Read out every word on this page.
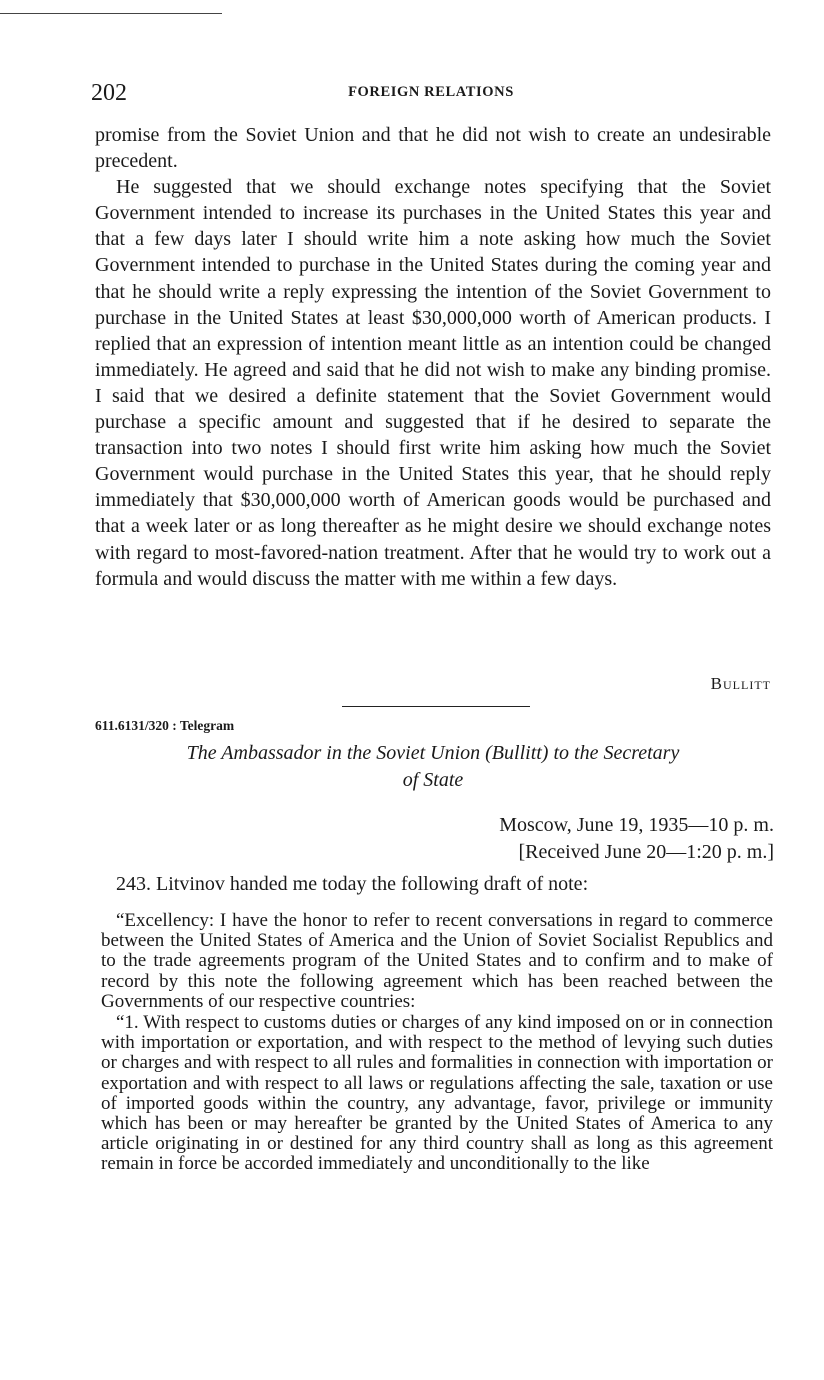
202	FOREIGN RELATIONS

promise from the Soviet Union and that he did not wish to create an undesirable precedent.

He suggested that we should exchange notes specifying that the Soviet Government intended to increase its purchases in the United States this year and that a few days later I should write him a note asking how much the Soviet Government intended to purchase in the United States during the coming year and that he should write a reply expressing the intention of the Soviet Government to purchase in the United States at least $30,000,000 worth of American products. I replied that an expression of intention meant little as an intention could be changed immediately. He agreed and said that he did not wish to make any binding promise. I said that we desired a definite statement that the Soviet Government would purchase a specific amount and suggested that if he desired to separate the transaction into two notes I should first write him asking how much the Soviet Government would purchase in the United States this year, that he should reply immediately that $30,000,000 worth of American goods would be purchased and that a week later or as long thereafter as he might desire we should exchange notes with regard to most-favored-nation treatment. After that he would try to work out a formula and would discuss the matter with me within a few days.

Bullitt
611.6131/320 : Telegram
The Ambassador in the Soviet Union (Bullitt) to the Secretary
of State
Moscow, June 19, 1935—10 p. m.
[Received June 20—1:20 p. m.]
243. Litvinov handed me today the following draft of note:

“Excellency: I have the honor to refer to recent conversations in regard to commerce between the United States of America and the Union of Soviet Socialist Republics and to the trade agreements program of the United States and to confirm and to make of record by this note the following agreement which has been reached between the Governments of our respective countries:

“1. With respect to customs duties or charges of any kind imposed on or in connection with importation or exportation, and with respect to the method of levying such duties or charges and with respect to all rules and formalities in connection with importation or exportation and with respect to all laws or regulations affecting the sale, taxation or use of imported goods within the country, any advantage, favor, privilege or immunity which has been or may hereafter be granted by the United States of America to any article originating in or destined for any third country shall as long as this agreement remain in force be accorded immediately and unconditionally to the like
